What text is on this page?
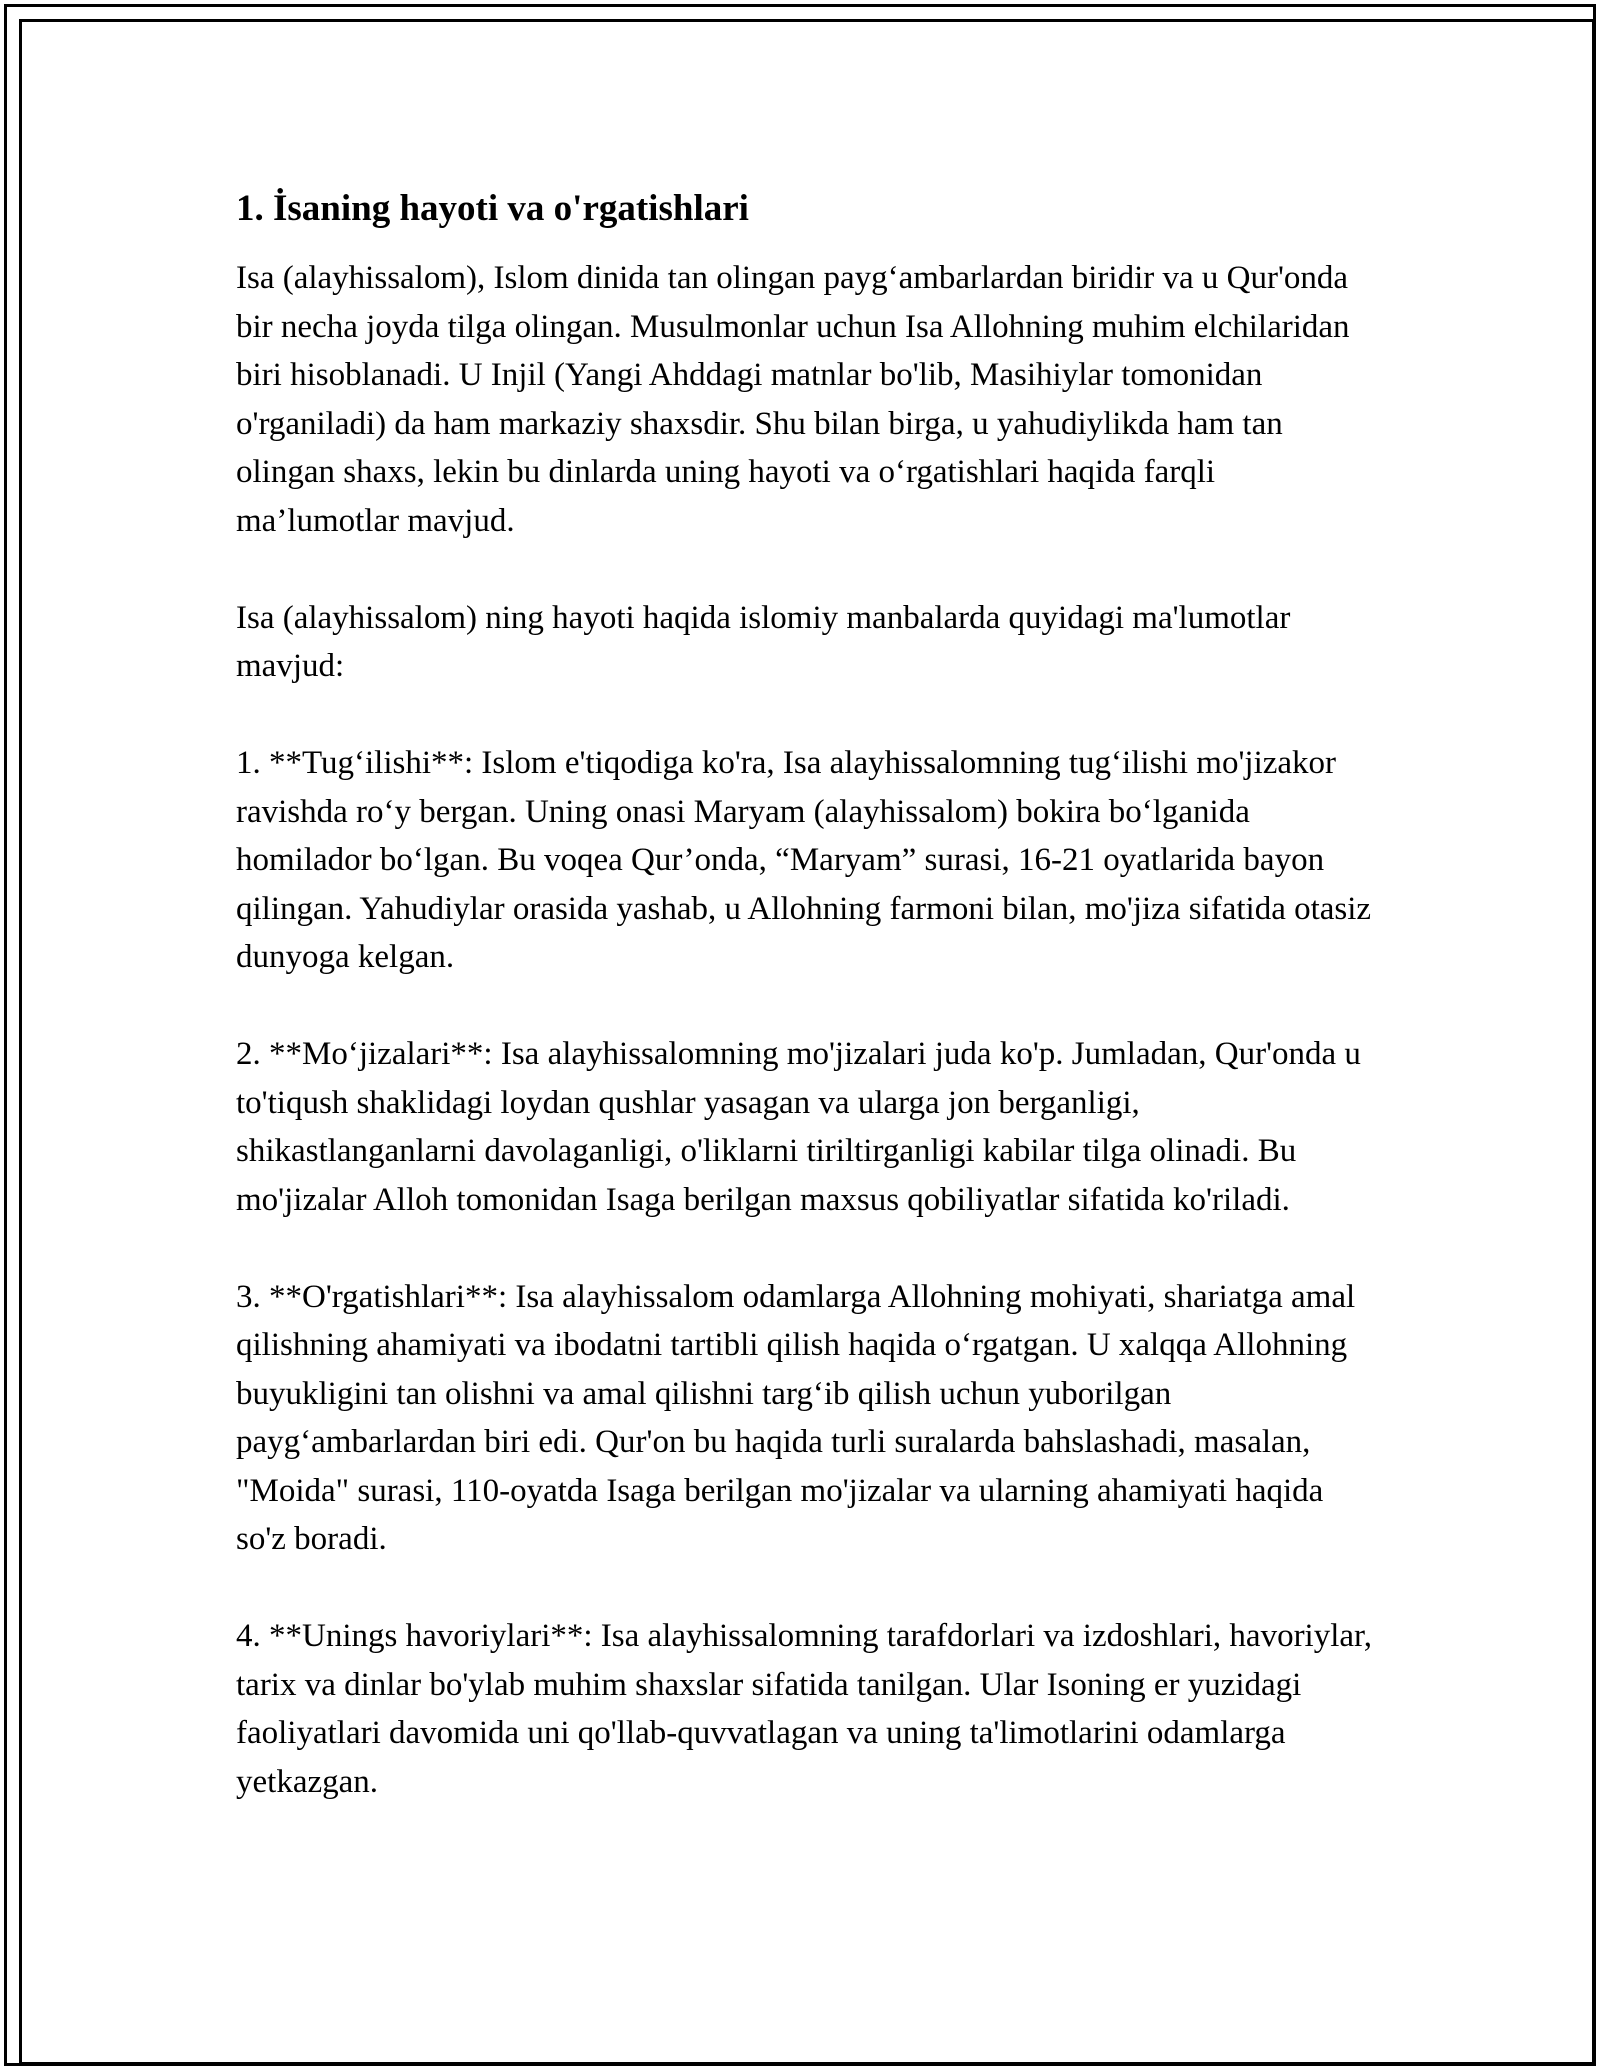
1. İsaning hayoti va o'rgatishlari

Isa (alayhissalom), Islom dinida tan olingan payg‘ambarlardan biridir va u Qur'onda bir necha joyda tilga olingan. Musulmonlar uchun Isa Allohning muhim elchilaridan biri hisoblanadi. U Injil (Yangi Ahddagi matnlar bo'lib, Masihiylar tomonidan o'rganiladi) da ham markaziy shaxsdir. Shu bilan birga, u yahudiylikda ham tan olingan shaxs, lekin bu dinlarda uning hayoti va o‘rgatishlari haqida farqli ma’lumotlar mavjud.

Isa (alayhissalom) ning hayoti haqida islomiy manbalarda quyidagi ma'lumotlar mavjud:

1. **Tug‘ilishi**: Islom e'tiqodiga ko'ra, Isa alayhissalomning tug‘ilishi mo'jizakor ravishda ro‘y bergan. Uning onasi Maryam (alayhissalom) bokira bo‘lganida homilador bo‘lgan. Bu voqea Qur’onda, “Maryam” surasi, 16-21 oyatlarida bayon qilingan. Yahudiylar orasida yashab, u Allohning farmoni bilan, mo'jiza sifatida otasiz dunyoga kelgan.

2. **Mo‘jizalari**: Isa alayhissalomning mo'jizalari juda ko'p. Jumladan, Qur'onda u to'tiqush shaklidagi loydan qushlar yasagan va ularga jon berganligi, shikastlanganlarni davolaganligi, o'liklarni tiriltirganligi kabilar tilga olinadi. Bu mo'jizalar Alloh tomonidan Isaga berilgan maxsus qobiliyatlar sifatida ko'riladi.

3. **O'rgatishlari**: Isa alayhissalom odamlarga Allohning mohiyati, shariatga amal qilishning ahamiyati va ibodatni tartibli qilish haqida o‘rgatgan. U xalqqa Allohning buyukligini tan olishni va amal qilishni targ‘ib qilish uchun yuborilgan payg‘ambarlardan biri edi. Qur'on bu haqida turli suralarda bahslashadi, masalan, "Moida" surasi, 110-oyatda Isaga berilgan mo'jizalar va ularning ahamiyati haqida so'z boradi.

4. **Unings havoriylari**: Isa alayhissalomning tarafdorlari va izdoshlari, havoriylar, tarix va dinlar bo'ylab muhim shaxslar sifatida tanilgan. Ular Isoning er yuzidagi faoliyatlari davomida uni qo'llab-quvvatlagan va uning ta'limotlarini odamlarga yetkazgan.
